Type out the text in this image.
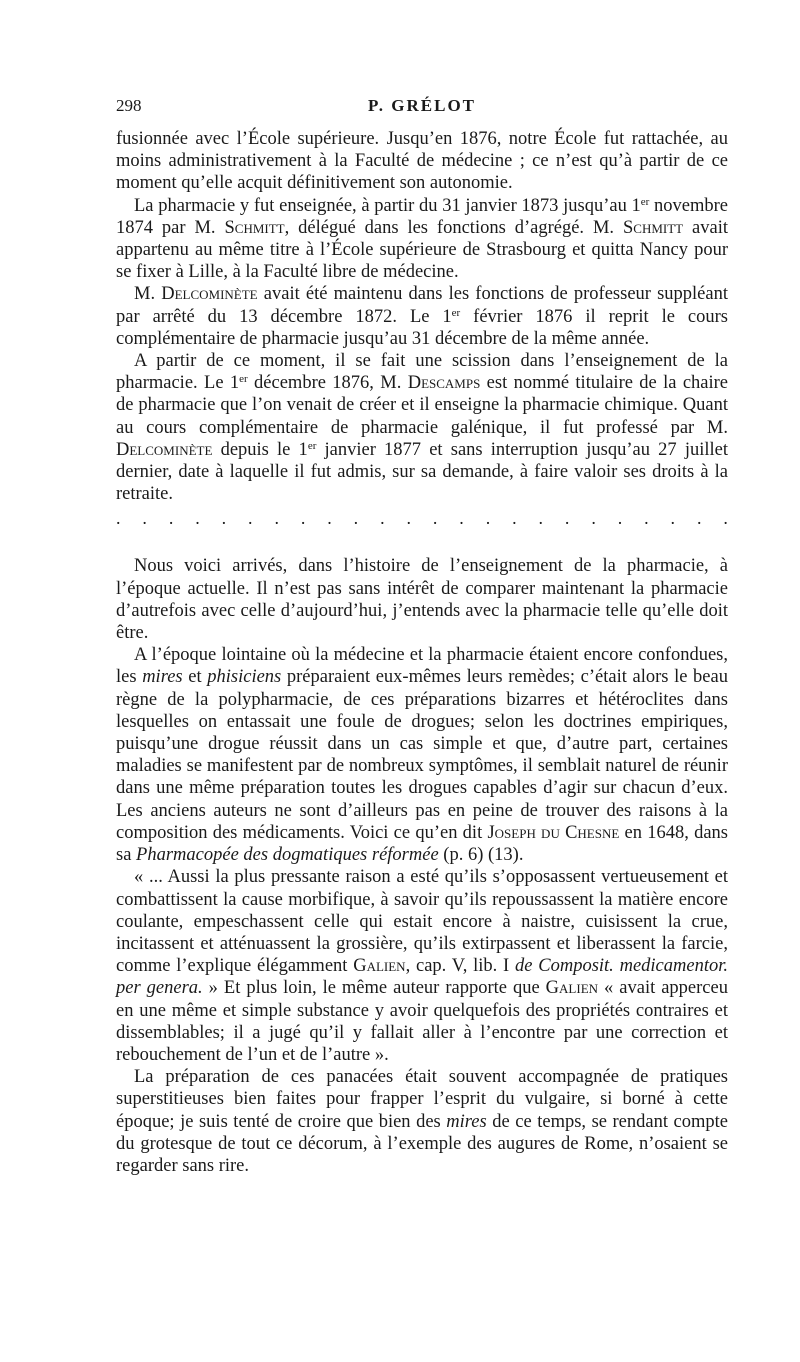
298	P. GRÉLOT

fusionnée avec l’École supérieure. Jusqu’en 1876, notre École fut rattachée, au moins administrativement à la Faculté de médecine ; ce n’est qu’à partir de ce moment qu’elle acquit définitivement son autonomie.

La pharmacie y fut enseignée, à partir du 31 janvier 1873 jusqu’au 1er novembre 1874 par M. Schmitt, délégué dans les fonctions d’agrégé. M. Schmitt avait appartenu au même titre à l’École supérieure de Strasbourg et quitta Nancy pour se fixer à Lille, à la Faculté libre de médecine.

M. Delcominète avait été maintenu dans les fonctions de professeur suppléant par arrêté du 13 décembre 1872. Le 1er février 1876 il reprit le cours complémentaire de pharmacie jusqu’au 31 décembre de la même année.

A partir de ce moment, il se fait une scission dans l’enseignement de la pharmacie. Le 1er décembre 1876, M. Descamps est nommé titulaire de la chaire de pharmacie que l’on venait de créer et il enseigne la pharmacie chimique. Quant au cours complémentaire de pharmacie galénique, il fut professé par M. Delcominète depuis le 1er janvier 1877 et sans interruption jusqu’au 27 juillet dernier, date à laquelle il fut admis, sur sa demande, à faire valoir ses droits à la retraite.

. . . . . . . . . . . . . . . . . . . . . . . .

Nous voici arrivés, dans l’histoire de l’enseignement de la pharmacie, à l’époque actuelle. Il n’est pas sans intérêt de comparer maintenant la pharmacie d’autrefois avec celle d’aujourd’hui, j’entends avec la pharmacie telle qu’elle doit être.

A l’époque lointaine où la médecine et la pharmacie étaient encore confondues, les mires et phisiciens préparaient eux-mêmes leurs remèdes; c’était alors le beau règne de la polypharmacie, de ces préparations bizarres et hétéroclites dans lesquelles on entassait une foule de drogues; selon les doctrines empiriques, puisqu’une drogue réussit dans un cas simple et que, d’autre part, certaines maladies se manifestent par de nombreux symptômes, il semblait naturel de réunir dans une même préparation toutes les drogues capables d’agir sur chacun d’eux. Les anciens auteurs ne sont d’ailleurs pas en peine de trouver des raisons à la composition des médicaments. Voici ce qu’en dit Joseph du Chesne en 1648, dans sa Pharmacopée des dogmatiques réformée (p. 6) (13).

« ... Aussi la plus pressante raison a esté qu’ils s’opposassent vertueusement et combattissent la cause morbifique, à savoir qu’ils repoussassent la matière encore coulante, empeschassent celle qui estait encore à naistre, cuisissent la crue, incitassent et atténuassent la grossière, qu’ils extirpassent et liberassent la farcie, comme l’explique élégamment Galien, cap. V, lib. I de Composit. medicamentor. per genera. » Et plus loin, le même auteur rapporte que Galien « avait apperceu en une même et simple substance y avoir quelquefois des propriétés contraires et dissemblables; il a jugé qu’il y fallait aller à l’encontre par une correction et rebouchement de l’un et de l’autre ».

La préparation de ces panacées était souvent accompagnée de pratiques superstitieuses bien faites pour frapper l’esprit du vulgaire, si borné à cette époque; je suis tenté de croire que bien des mires de ce temps, se rendant compte du grotesque de tout ce décorum, à l’exemple des augures de Rome, n’osaient se regarder sans rire.
